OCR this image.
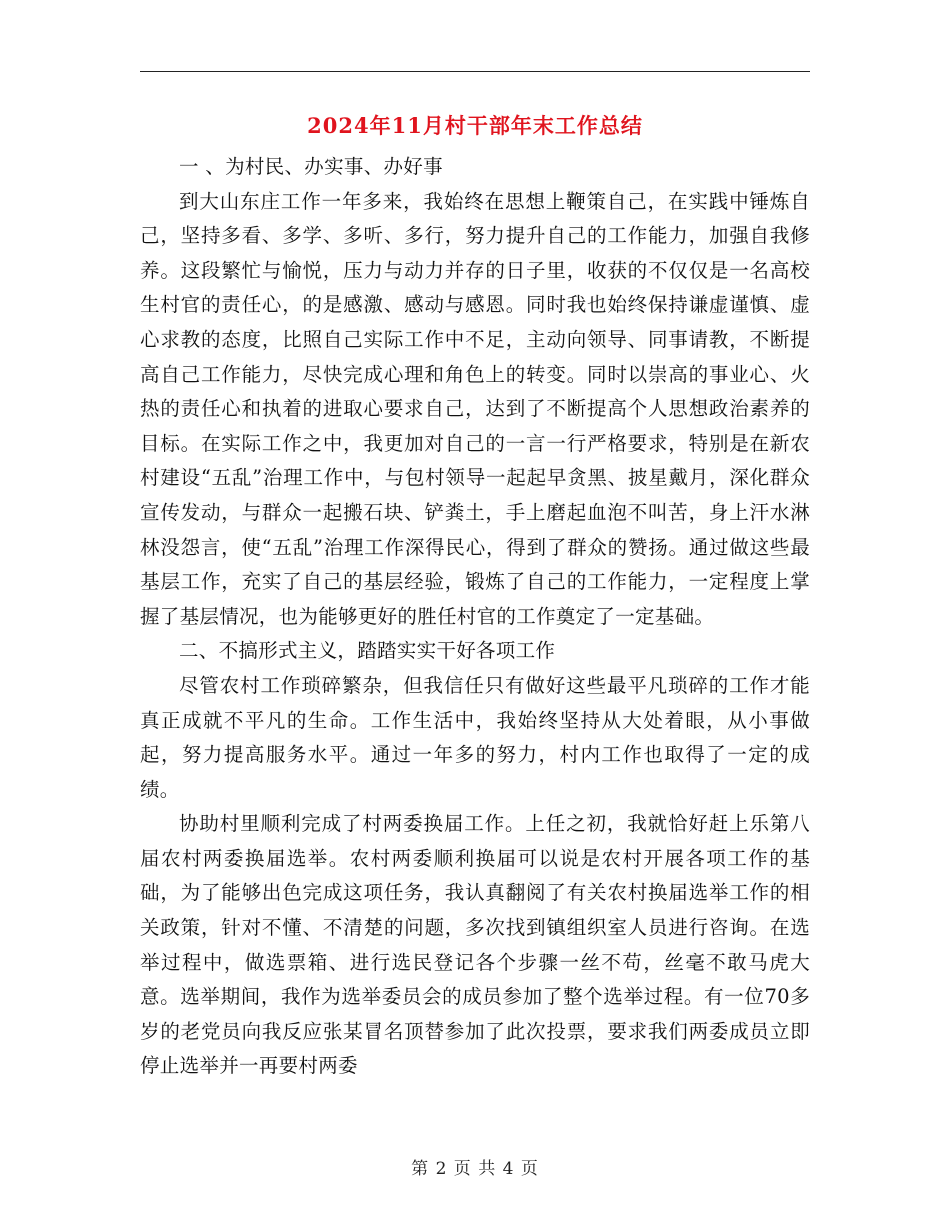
2024年11月村干部年末工作总结

一 、为村民、办实事、办好事

到大山东庄工作一年多来，我始终在思想上鞭策自己，在实践中锤炼自己，坚持多看、多学、多听、多行，努力提升自己的工作能力，加强自我修养。这段繁忙与愉悦，压力与动力并存的日子里，收获的不仅仅是一名高校生村官的责任心，的是感激、感动与感恩。同时我也始终保持谦虚谨慎、虚心求教的态度，比照自己实际工作中不足，主动向领导、同事请教，不断提高自己工作能力，尽快完成心理和角色上的转变。同时以崇高的事业心、火热的责任心和执着的进取心要求自己，达到了不断提高个人思想政治素养的目标。在实际工作之中，我更加对自己的一言一行严格要求，特别是在新农村建设“五乱”治理工作中，与包村领导一起起早贪黑、披星戴月，深化群众宣传发动，与群众一起搬石块、铲粪土，手上磨起血泡不叫苦，身上汗水淋林没怨言，使“五乱”治理工作深得民心，得到了群众的赞扬。通过做这些最基层工作，充实了自己的基层经验，锻炼了自己的工作能力，一定程度上掌握了基层情况，也为能够更好的胜任村官的工作奠定了一定基础。

二、不搞形式主义，踏踏实实干好各项工作

尽管农村工作琐碎繁杂，但我信任只有做好这些最平凡琐碎的工作才能真正成就不平凡的生命。工作生活中，我始终坚持从大处着眼，从小事做起，努力提高服务水平。通过一年多的努力，村内工作也取得了一定的成绩。

协助村里顺利完成了村两委换届工作。上任之初，我就恰好赶上乐第八届农村两委换届选举。农村两委顺利换届可以说是农村开展各项工作的基础，为了能够出色完成这项任务，我认真翻阅了有关农村换届选举工作的相关政策，针对不懂、不清楚的问题，多次找到镇组织室人员进行咨询。在选举过程中，做选票箱、进行选民登记各个步骤一丝不苟，丝毫不敢马虎大意。选举期间，我作为选举委员会的成员参加了整个选举过程。有一位70多岁的老党员向我反应张某冒名顶替参加了此次投票，要求我们两委成员立即停止选举并一再要村两委

第 2 页 共 4 页
